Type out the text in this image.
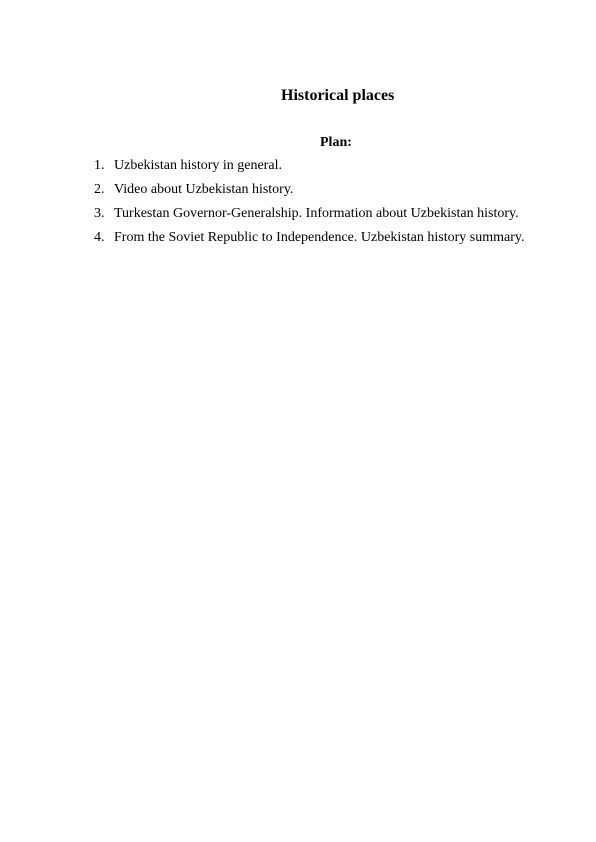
Historical places
Plan:
1. Uzbekistan history in general.
2. Video about Uzbekistan history.
3. Turkestan Governor-Generalship. Information about Uzbekistan history.
4. From the Soviet Republic to Independence. Uzbekistan history summary.
